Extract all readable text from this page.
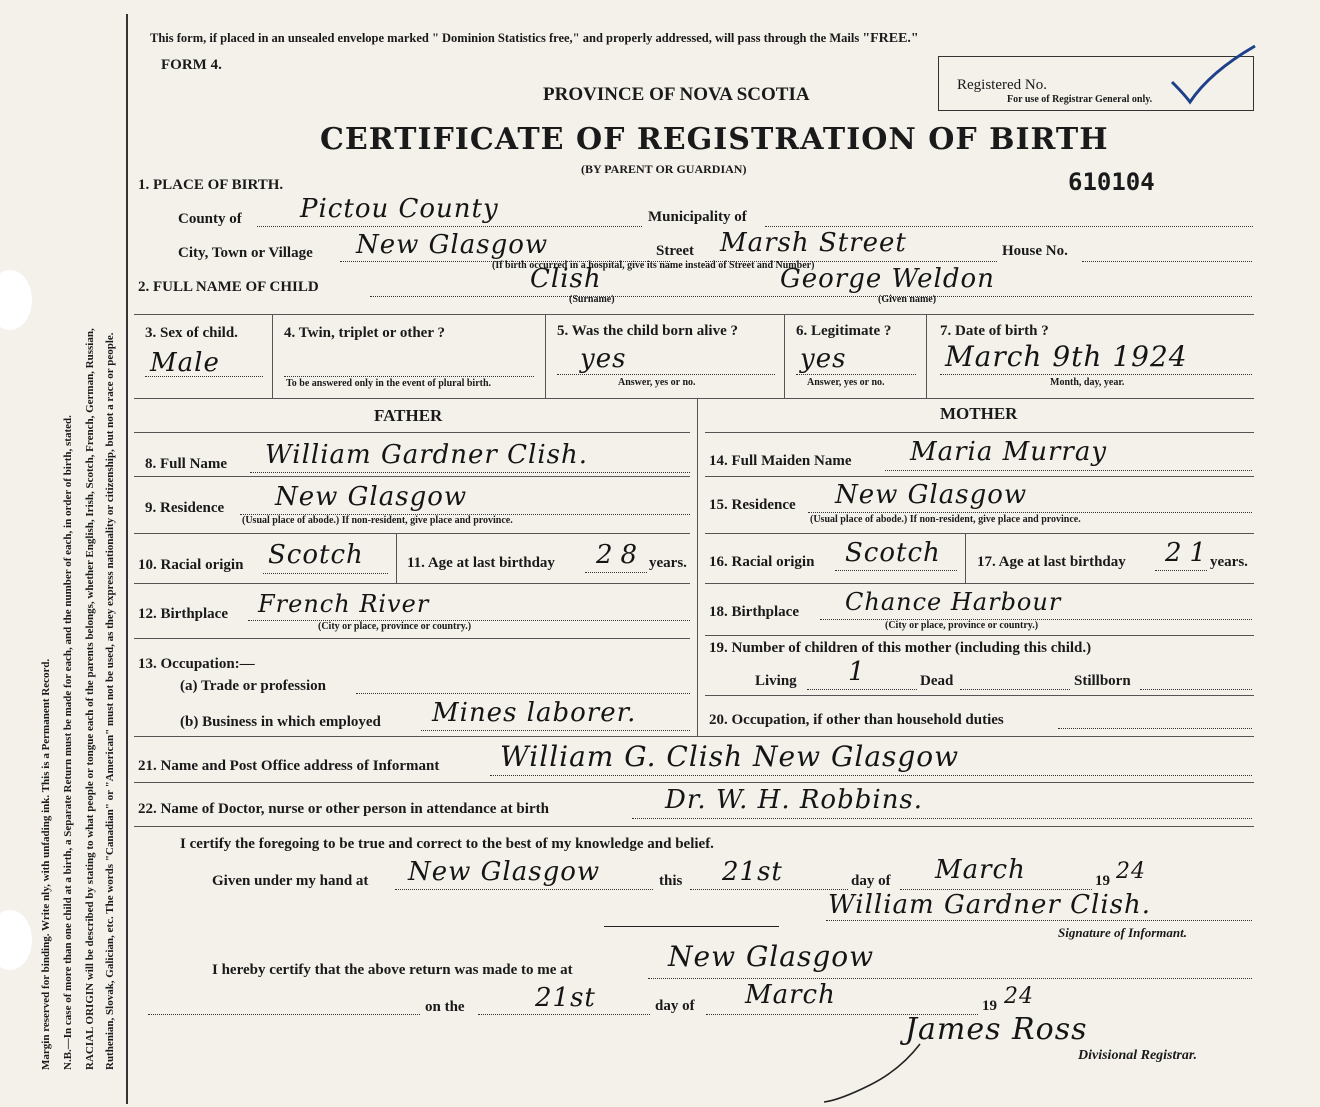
Margin reserved for binding. Write nly, with unfading ink. This is a Permanent Record. N.B.—In case of more than one child at a birth, a Separate Return must be made for each, and the number of each, in order of birth, stated. RACIAL ORIGIN will be described by stating to what people or tongue each of the parents belongs, whether English, Irish, Scotch, French, German, Russian, Ruthenian, Slovak, Galician, etc. The words "Canadian" or "American" must not be used, as they express nationality or citizenship, but not a race or people.
This form, if placed in an unsealed envelope marked " Dominion Statistics free," and properly addressed, will pass through the Mails "FREE."
FORM 4.
PROVINCE OF NOVA SCOTIA
CERTIFICATE OF REGISTRATION OF BIRTH
(BY PARENT OR GUARDIAN)
Registered No.
For use of Registrar General only.
610104
1. PLACE OF BIRTH.
County of Pictou County	Municipality of
City, Town or Village New Glasgow	Street Marsh Street	House No.
(If birth occurred in a hospital, give its name instead of Street and Number)
2. FULL NAME OF CHILD	Clish
(Surname)
George Weldon
(Given name)
3. Sex of child.
Male
4. Twin, triplet or other ?
To be answered only in the event of plural birth.
5. Was the child born alive ?
yes
Answer, yes or no.
6. Legitimate ?
yes
Answer, yes or no.
7. Date of birth ?
March 9th 1924
Month, day, year.
FATHER	MOTHER
8. Full Name William Gardner Clish.
9. Residence New Glasgow
(Usual place of abode.) If non-resident, give place and province.
10. Racial origin Scotch	11. Age at last birthday 28 years.
12. Birthplace French River
(City or place, province or country.)
13. Occupation:—
(a) Trade or profession
(b) Business in which employed Mines laborer.
14. Full Maiden Name Maria Murray
15. Residence New Glasgow
(Usual place of abode.) If non-resident, give place and province.
16. Racial origin Scotch 17. Age at last birthday 21
years.
18. Birthplace Chance Harbour
(City or place, province or country.)
19. Number of children of this mother (including this child.)
Living 1	Dead	Stillborn
20. Occupation, if other than household duties
21. Name and Post Office address of Informant William G. Clish New Glasgow
22. Name of Doctor, nurse or other person in attendance at birth	Dr. W. H. Robbins.
I certify the foregoing to be true and correct to the best of my knowledge and belief.
Given under my hand at New Glasgow	this 21st	day of March	19 24
William Gardner Clish.
Signature of Informant.
I hereby certify that the above return was made to me at	New Glasgow
on the	21st	day of March	19 24
James Ross
Divisional Registrar.
